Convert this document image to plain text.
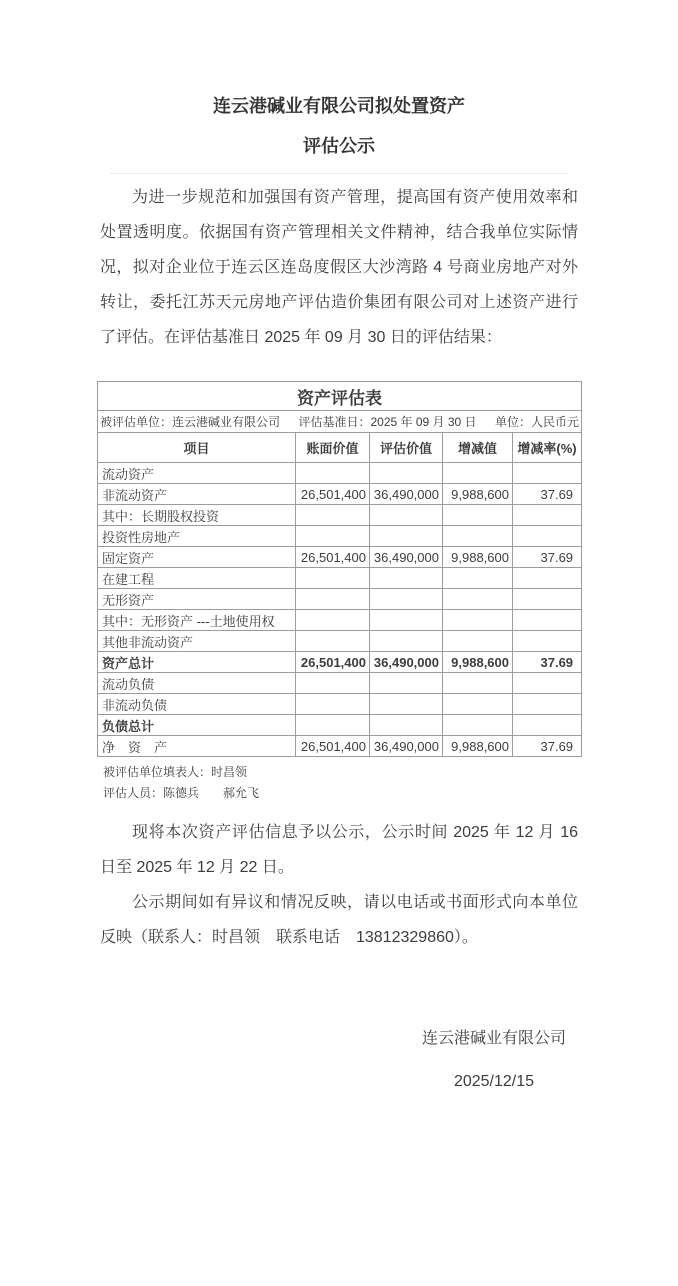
连云港碱业有限公司拟处置资产
评估公示

为进一步规范和加强国有资产管理，提高国有资产使用效率和处置透明度。依据国有资产管理相关文件精神，结合我单位实际情况，拟对企业位于连云区连岛度假区大沙湾路 4 号商业房地产对外转让，委托江苏天元房地产评估造价集团有限公司对上述资产进行了评估。在评估基准日 2025 年 09 月 30 日的评估结果：

资产评估表				

被评估单位：连云港碱业有限公司 评估基准日：2025 年 09 月 30 日 单位：人民币元				

项目	账面价值	评估价值	增减值	增减率(%)
流动资产				
非流动资产	26,501,400	36,490,000	9,988,600	37.69
其中：长期股权投资				
投资性房地产				
固定资产	26,501,400	36,490,000	9,988,600	37.69
在建工程				
无形资产				
其中：无形资产 ---土地使用权				
其他非流动资产				
资产总计	26,501,400	36,490,000	9,988,600	37.69
流动负债				
非流动负债				
负债总计				
净　资　产	26,501,400	36,490,000	9,988,600	37.69
被评估单位填表人：时昌领
评估人员：陈德兵　　郝允飞

现将本次资产评估信息予以公示，公示时间 2025 年 12 月 16 日至 2025 年 12 月 22 日。

公示期间如有异议和情况反映，请以电话或书面形式向本单位反映（联系人：时昌领　联系电话　13812329860）。

连云港碱业有限公司
2025/12/15
